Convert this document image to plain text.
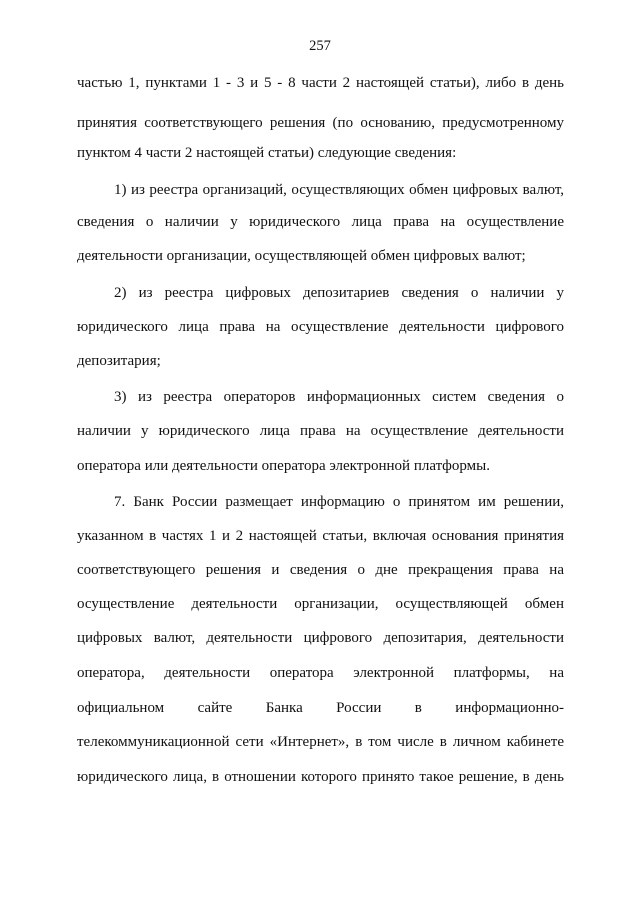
257
частью 1, пунктами 1 - 3 и 5 - 8 части 2 настоящей статьи), либо в день
принятия соответствующего решения (по основанию, предусмотренному
пунктом 4 части 2 настоящей статьи) следующие сведения:
1) из реестра организаций, осуществляющих обмен цифровых валют,
сведения о наличии у юридического лица права на осуществление
деятельности организации, осуществляющей обмен цифровых валют;
2) из реестра цифровых депозитариев сведения о наличии у
юридического лица права на осуществление деятельности цифрового
депозитария;
3) из реестра операторов информационных систем сведения о
наличии у юридического лица права на осуществление деятельности
оператора или деятельности оператора электронной платформы.
7. Банк России размещает информацию о принятом им решении,
указанном в частях 1 и 2 настоящей статьи, включая основания принятия
соответствующего решения и сведения о дне прекращения права на
осуществление деятельности организации, осуществляющей обмен
цифровых валют, деятельности цифрового депозитария, деятельности
оператора, деятельности оператора электронной платформы, на
официальном сайте Банка России в информационно-
телекоммуникационной сети «Интернет», в том числе в личном кабинете
юридического лица, в отношении которого принято такое решение, в день
